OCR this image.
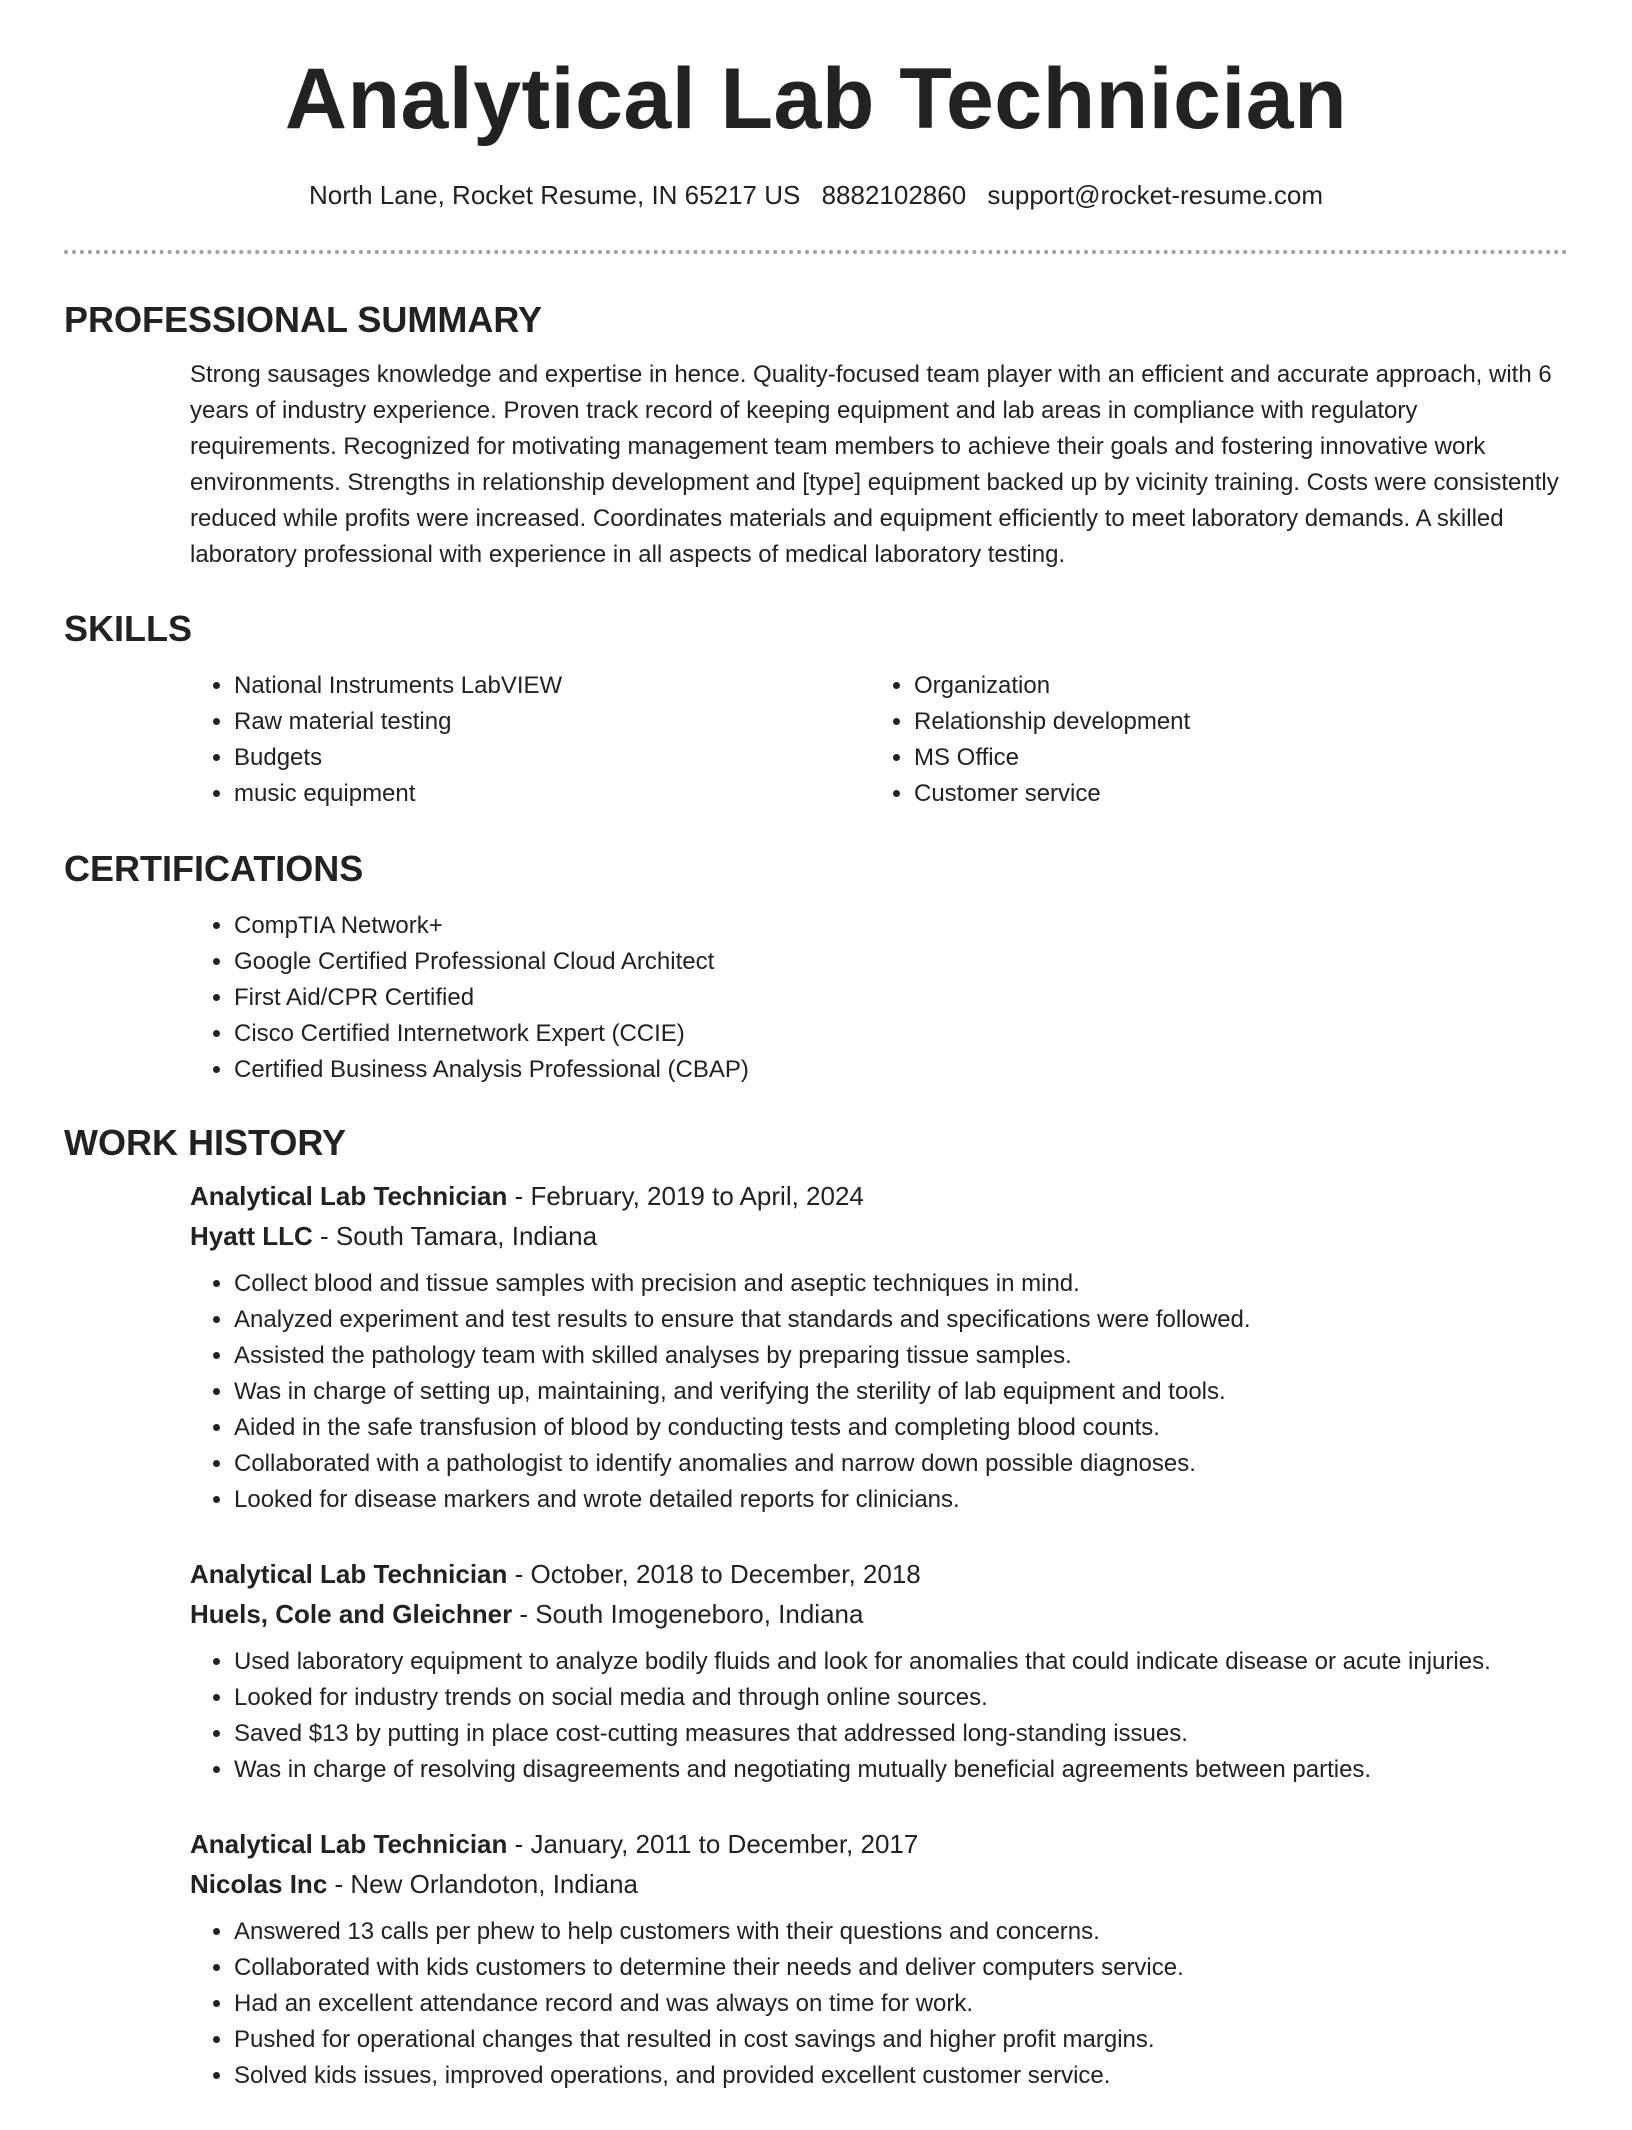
Analytical Lab Technician
North Lane, Rocket Resume, IN 65217 US 8882102860 support@rocket-resume.com
PROFESSIONAL SUMMARY
Strong sausages knowledge and expertise in hence. Quality-focused team player with an efficient and accurate approach, with 6 years of industry experience. Proven track record of keeping equipment and lab areas in compliance with regulatory requirements. Recognized for motivating management team members to achieve their goals and fostering innovative work environments. Strengths in relationship development and [type] equipment backed up by vicinity training. Costs were consistently reduced while profits were increased. Coordinates materials and equipment efficiently to meet laboratory demands. A skilled laboratory professional with experience in all aspects of medical laboratory testing.
SKILLS
• National Instruments LabVIEW
• Raw material testing
• Budgets
• music equipment
• Organization
• Relationship development
• MS Office
• Customer service
CERTIFICATIONS
• CompTIA Network+
• Google Certified Professional Cloud Architect
• First Aid/CPR Certified
• Cisco Certified Internetwork Expert (CCIE)
• Certified Business Analysis Professional (CBAP)
WORK HISTORY
Analytical Lab Technician - February, 2019 to April, 2024
Hyatt LLC - South Tamara, Indiana
• Collect blood and tissue samples with precision and aseptic techniques in mind.
• Analyzed experiment and test results to ensure that standards and specifications were followed.
• Assisted the pathology team with skilled analyses by preparing tissue samples.
• Was in charge of setting up, maintaining, and verifying the sterility of lab equipment and tools.
• Aided in the safe transfusion of blood by conducting tests and completing blood counts.
• Collaborated with a pathologist to identify anomalies and narrow down possible diagnoses.
• Looked for disease markers and wrote detailed reports for clinicians.
Analytical Lab Technician - October, 2018 to December, 2018
Huels, Cole and Gleichner - South Imogeneboro, Indiana
• Used laboratory equipment to analyze bodily fluids and look for anomalies that could indicate disease or acute injuries.
• Looked for industry trends on social media and through online sources.
• Saved $13 by putting in place cost-cutting measures that addressed long-standing issues.
• Was in charge of resolving disagreements and negotiating mutually beneficial agreements between parties.
Analytical Lab Technician - January, 2011 to December, 2017
Nicolas Inc - New Orlandoton, Indiana
• Answered 13 calls per phew to help customers with their questions and concerns.
• Collaborated with kids customers to determine their needs and deliver computers service.
• Had an excellent attendance record and was always on time for work.
• Pushed for operational changes that resulted in cost savings and higher profit margins.
• Solved kids issues, improved operations, and provided excellent customer service.
